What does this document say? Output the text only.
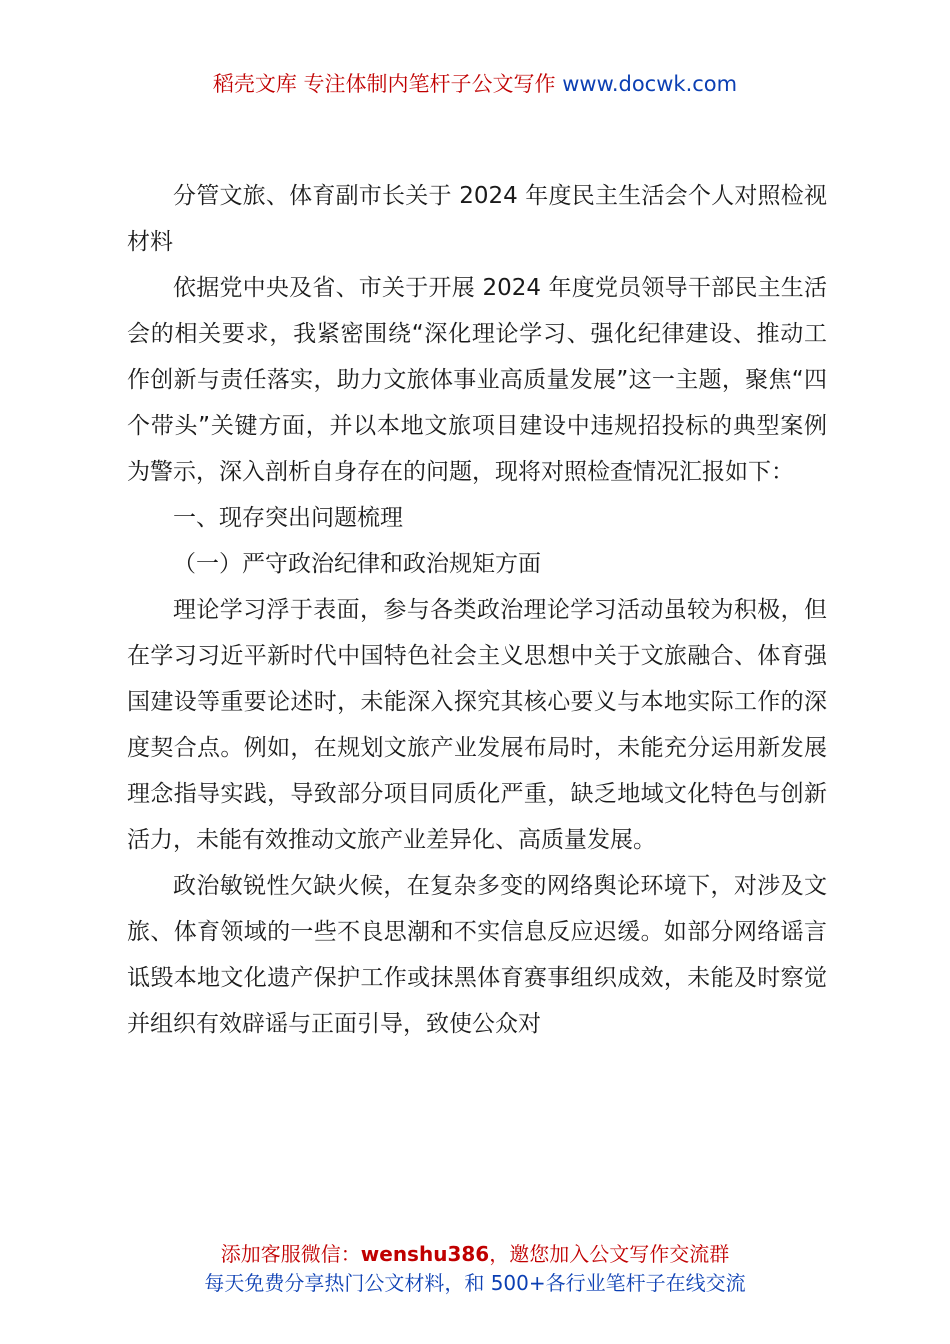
稻壳文库 专注体制内笔杆子公文写作 www.docwk.com

分管文旅、体育副市长关于 2024 年度民主生活会个人对照检视材料

依据党中央及省、市关于开展 2024 年度党员领导干部民主生活会的相关要求，我紧密围绕“深化理论学习、强化纪律建设、推动工作创新与责任落实，助力文旅体事业高质量发展”这一主题，聚焦“四个带头”关键方面，并以本地文旅项目建设中违规招投标的典型案例为警示，深入剖析自身存在的问题，现将对照检查情况汇报如下：

一、现存突出问题梳理

（一）严守政治纪律和政治规矩方面

理论学习浮于表面，参与各类政治理论学习活动虽较为积极，但在学习习近平新时代中国特色社会主义思想中关于文旅融合、体育强国建设等重要论述时，未能深入探究其核心要义与本地实际工作的深度契合点。例如，在规划文旅产业发展布局时，未能充分运用新发展理念指导实践，导致部分项目同质化严重，缺乏地域文化特色与创新活力，未能有效推动文旅产业差异化、高质量发展。

政治敏锐性欠缺火候，在复杂多变的网络舆论环境下，对涉及文旅、体育领域的一些不良思潮和不实信息反应迟缓。如部分网络谣言诋毁本地文化遗产保护工作或抹黑体育赛事组织成效，未能及时察觉并组织有效辟谣与正面引导，致使公众对

添加客服微信：wenshu386，邀您加入公文写作交流群
每天免费分享热门公文材料，和 500+各行业笔杆子在线交流
